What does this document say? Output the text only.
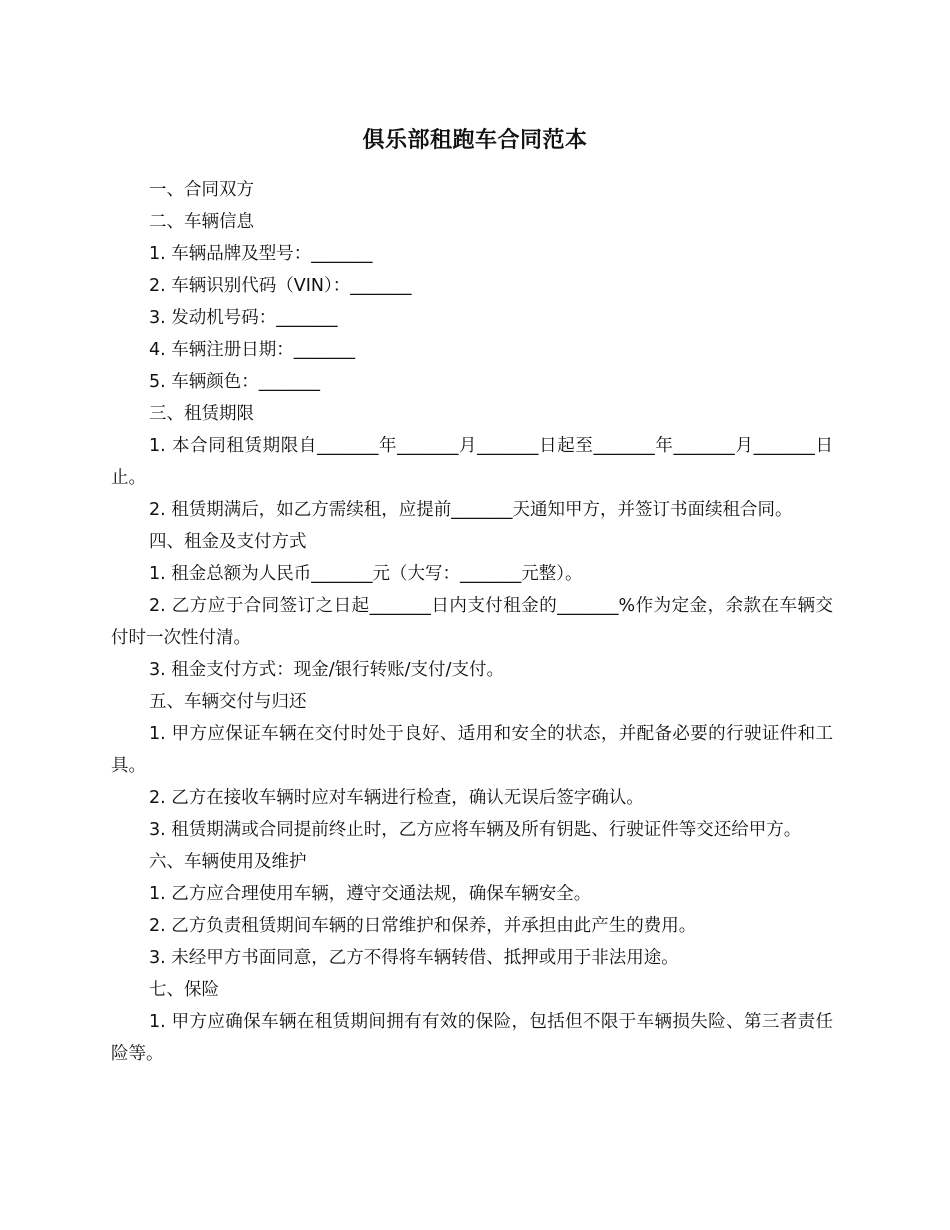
俱乐部租跑车合同范本

一、合同双方

二、车辆信息

1. 车辆品牌及型号：_______

2. 车辆识别代码（VIN）：_______

3. 发动机号码：_______

4. 车辆注册日期：_______

5. 车辆颜色：_______

三、租赁期限

1. 本合同租赁期限自_______年_______月_______日起至_______年_______月_______日止。

2. 租赁期满后，如乙方需续租，应提前_______天通知甲方，并签订书面续租合同。

四、租金及支付方式

1. 租金总额为人民币_______元（大写：_______元整）。

2. 乙方应于合同签订之日起_______日内支付租金的_______%作为定金，余款在车辆交付时一次性付清。

3. 租金支付方式：现金/银行转账/支付/支付。

五、车辆交付与归还

1. 甲方应保证车辆在交付时处于良好、适用和安全的状态，并配备必要的行驶证件和工具。

2. 乙方在接收车辆时应对车辆进行检查，确认无误后签字确认。

3. 租赁期满或合同提前终止时，乙方应将车辆及所有钥匙、行驶证件等交还给甲方。

六、车辆使用及维护

1. 乙方应合理使用车辆，遵守交通法规，确保车辆安全。

2. 乙方负责租赁期间车辆的日常维护和保养，并承担由此产生的费用。

3. 未经甲方书面同意，乙方不得将车辆转借、抵押或用于非法用途。

七、保险

1. 甲方应确保车辆在租赁期间拥有有效的保险，包括但不限于车辆损失险、第三者责任险等。
